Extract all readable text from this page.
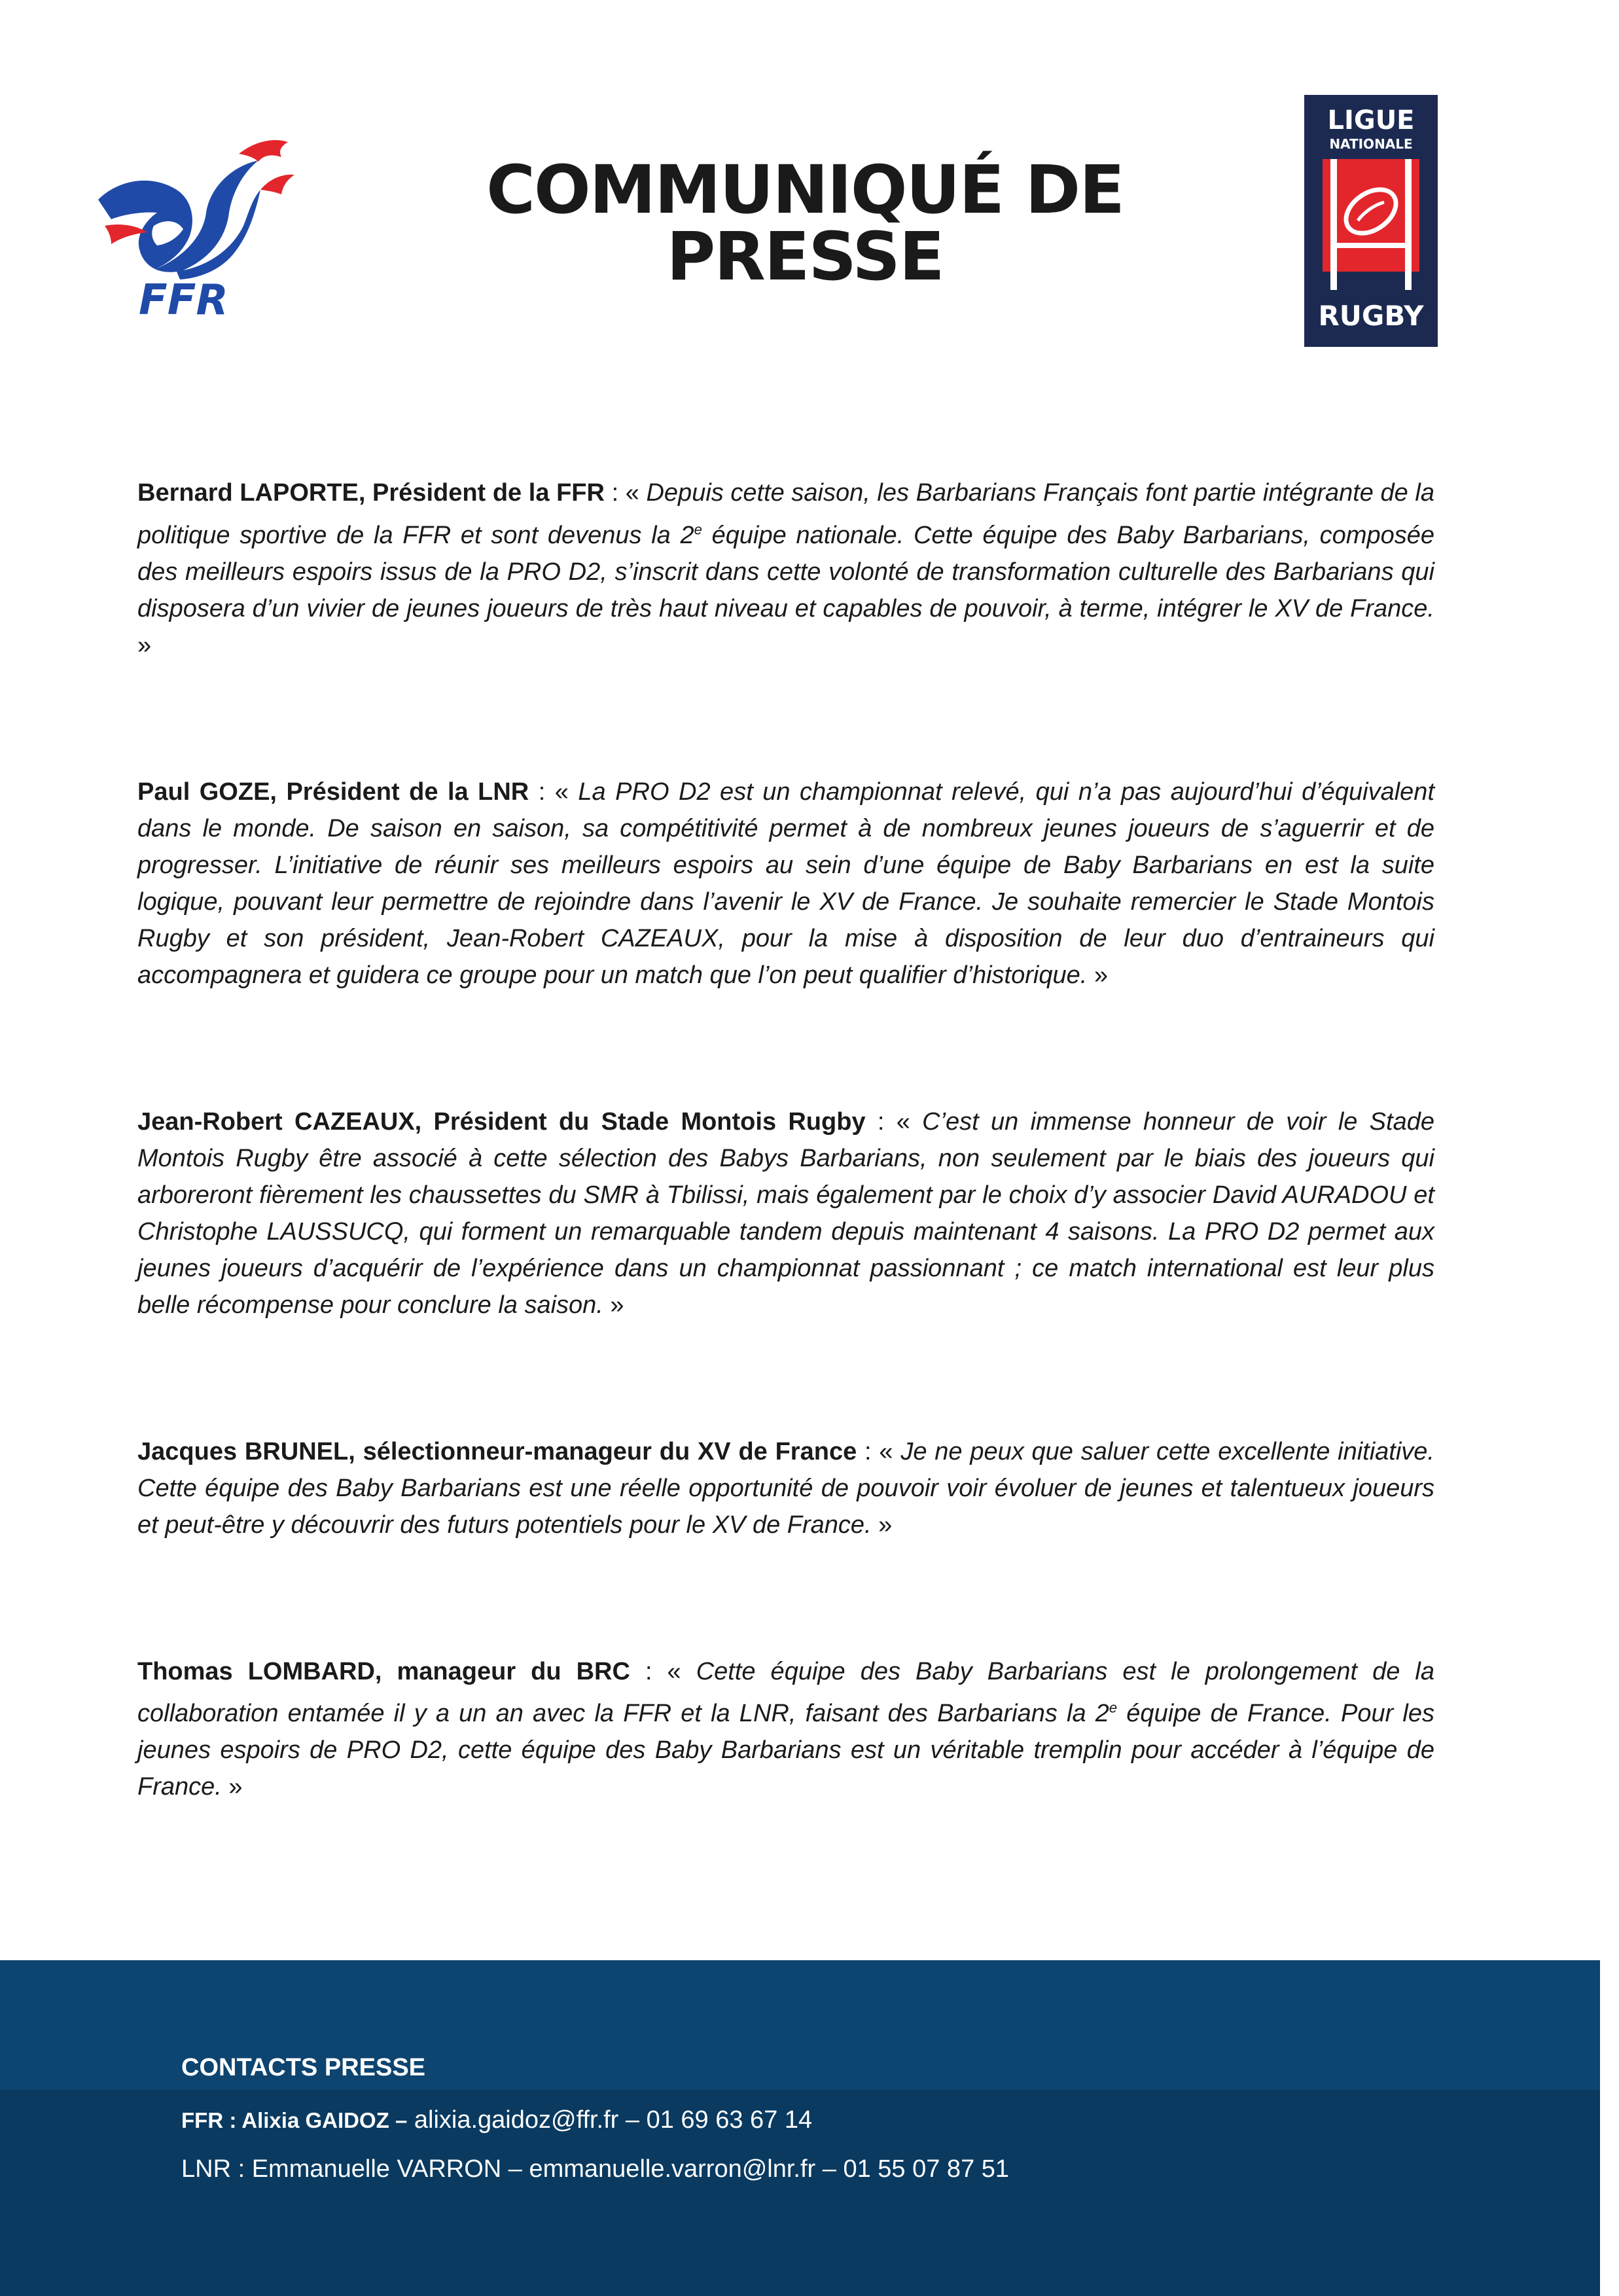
FFR
COMMUNIQUÉ DE PRESSE
LIGUE
NATIONALE
RUGBY

Bernard LAPORTE, Président de la FFR : « Depuis cette saison, les Barbarians Français font partie intégrante de la politique sportive de la FFR et sont devenus la 2e équipe nationale. Cette équipe des Baby Barbarians, composée des meilleurs espoirs issus de la PRO D2, s’inscrit dans cette volonté de transformation culturelle des Barbarians qui disposera d’un vivier de jeunes joueurs de très haut niveau et capables de pouvoir, à terme, intégrer le XV de France. »

Paul GOZE, Président de la LNR : « La PRO D2 est un championnat relevé, qui n’a pas aujourd’hui d’équivalent dans le monde. De saison en saison, sa compétitivité permet à de nombreux jeunes joueurs de s’aguerrir et de progresser. L’initiative de réunir ses meilleurs espoirs au sein d’une équipe de Baby Barbarians en est la suite logique, pouvant leur permettre de rejoindre dans l’avenir le XV de France. Je souhaite remercier le Stade Montois Rugby et son président, Jean-Robert CAZEAUX, pour la mise à disposition de leur duo d’entraineurs qui accompagnera et guidera ce groupe pour un match que l’on peut qualifier d’historique. »

Jean-Robert CAZEAUX, Président du Stade Montois Rugby : « C’est un immense honneur de voir le Stade Montois Rugby être associé à cette sélection des Babys Barbarians, non seulement par le biais des joueurs qui arboreront fièrement les chaussettes du SMR à Tbilissi, mais également par le choix d’y associer David AURADOU et Christophe LAUSSUCQ, qui forment un remarquable tandem depuis maintenant 4 saisons. La PRO D2 permet aux jeunes joueurs d’acquérir de l’expérience dans un championnat passionnant ; ce match international est leur plus belle récompense pour conclure la saison. »

Jacques BRUNEL, sélectionneur-manageur du XV de France : « Je ne peux que saluer cette excellente initiative. Cette équipe des Baby Barbarians est une réelle opportunité de pouvoir voir évoluer de jeunes et talentueux joueurs et peut-être y découvrir des futurs potentiels pour le XV de France. »

Thomas LOMBARD, manageur du BRC : « Cette équipe des Baby Barbarians est le prolongement de la collaboration entamée il y a un an avec la FFR et la LNR, faisant des Barbarians la 2e équipe de France. Pour les jeunes espoirs de PRO D2, cette équipe des Baby Barbarians est un véritable tremplin pour accéder à l’équipe de France. »

CONTACTS PRESSE
FFR : Alixia GAIDOZ – alixia.gaidoz@ffr.fr – 01 69 63 67 14
LNR : Emmanuelle VARRON – emmanuelle.varron@lnr.fr – 01 55 07 87 51
